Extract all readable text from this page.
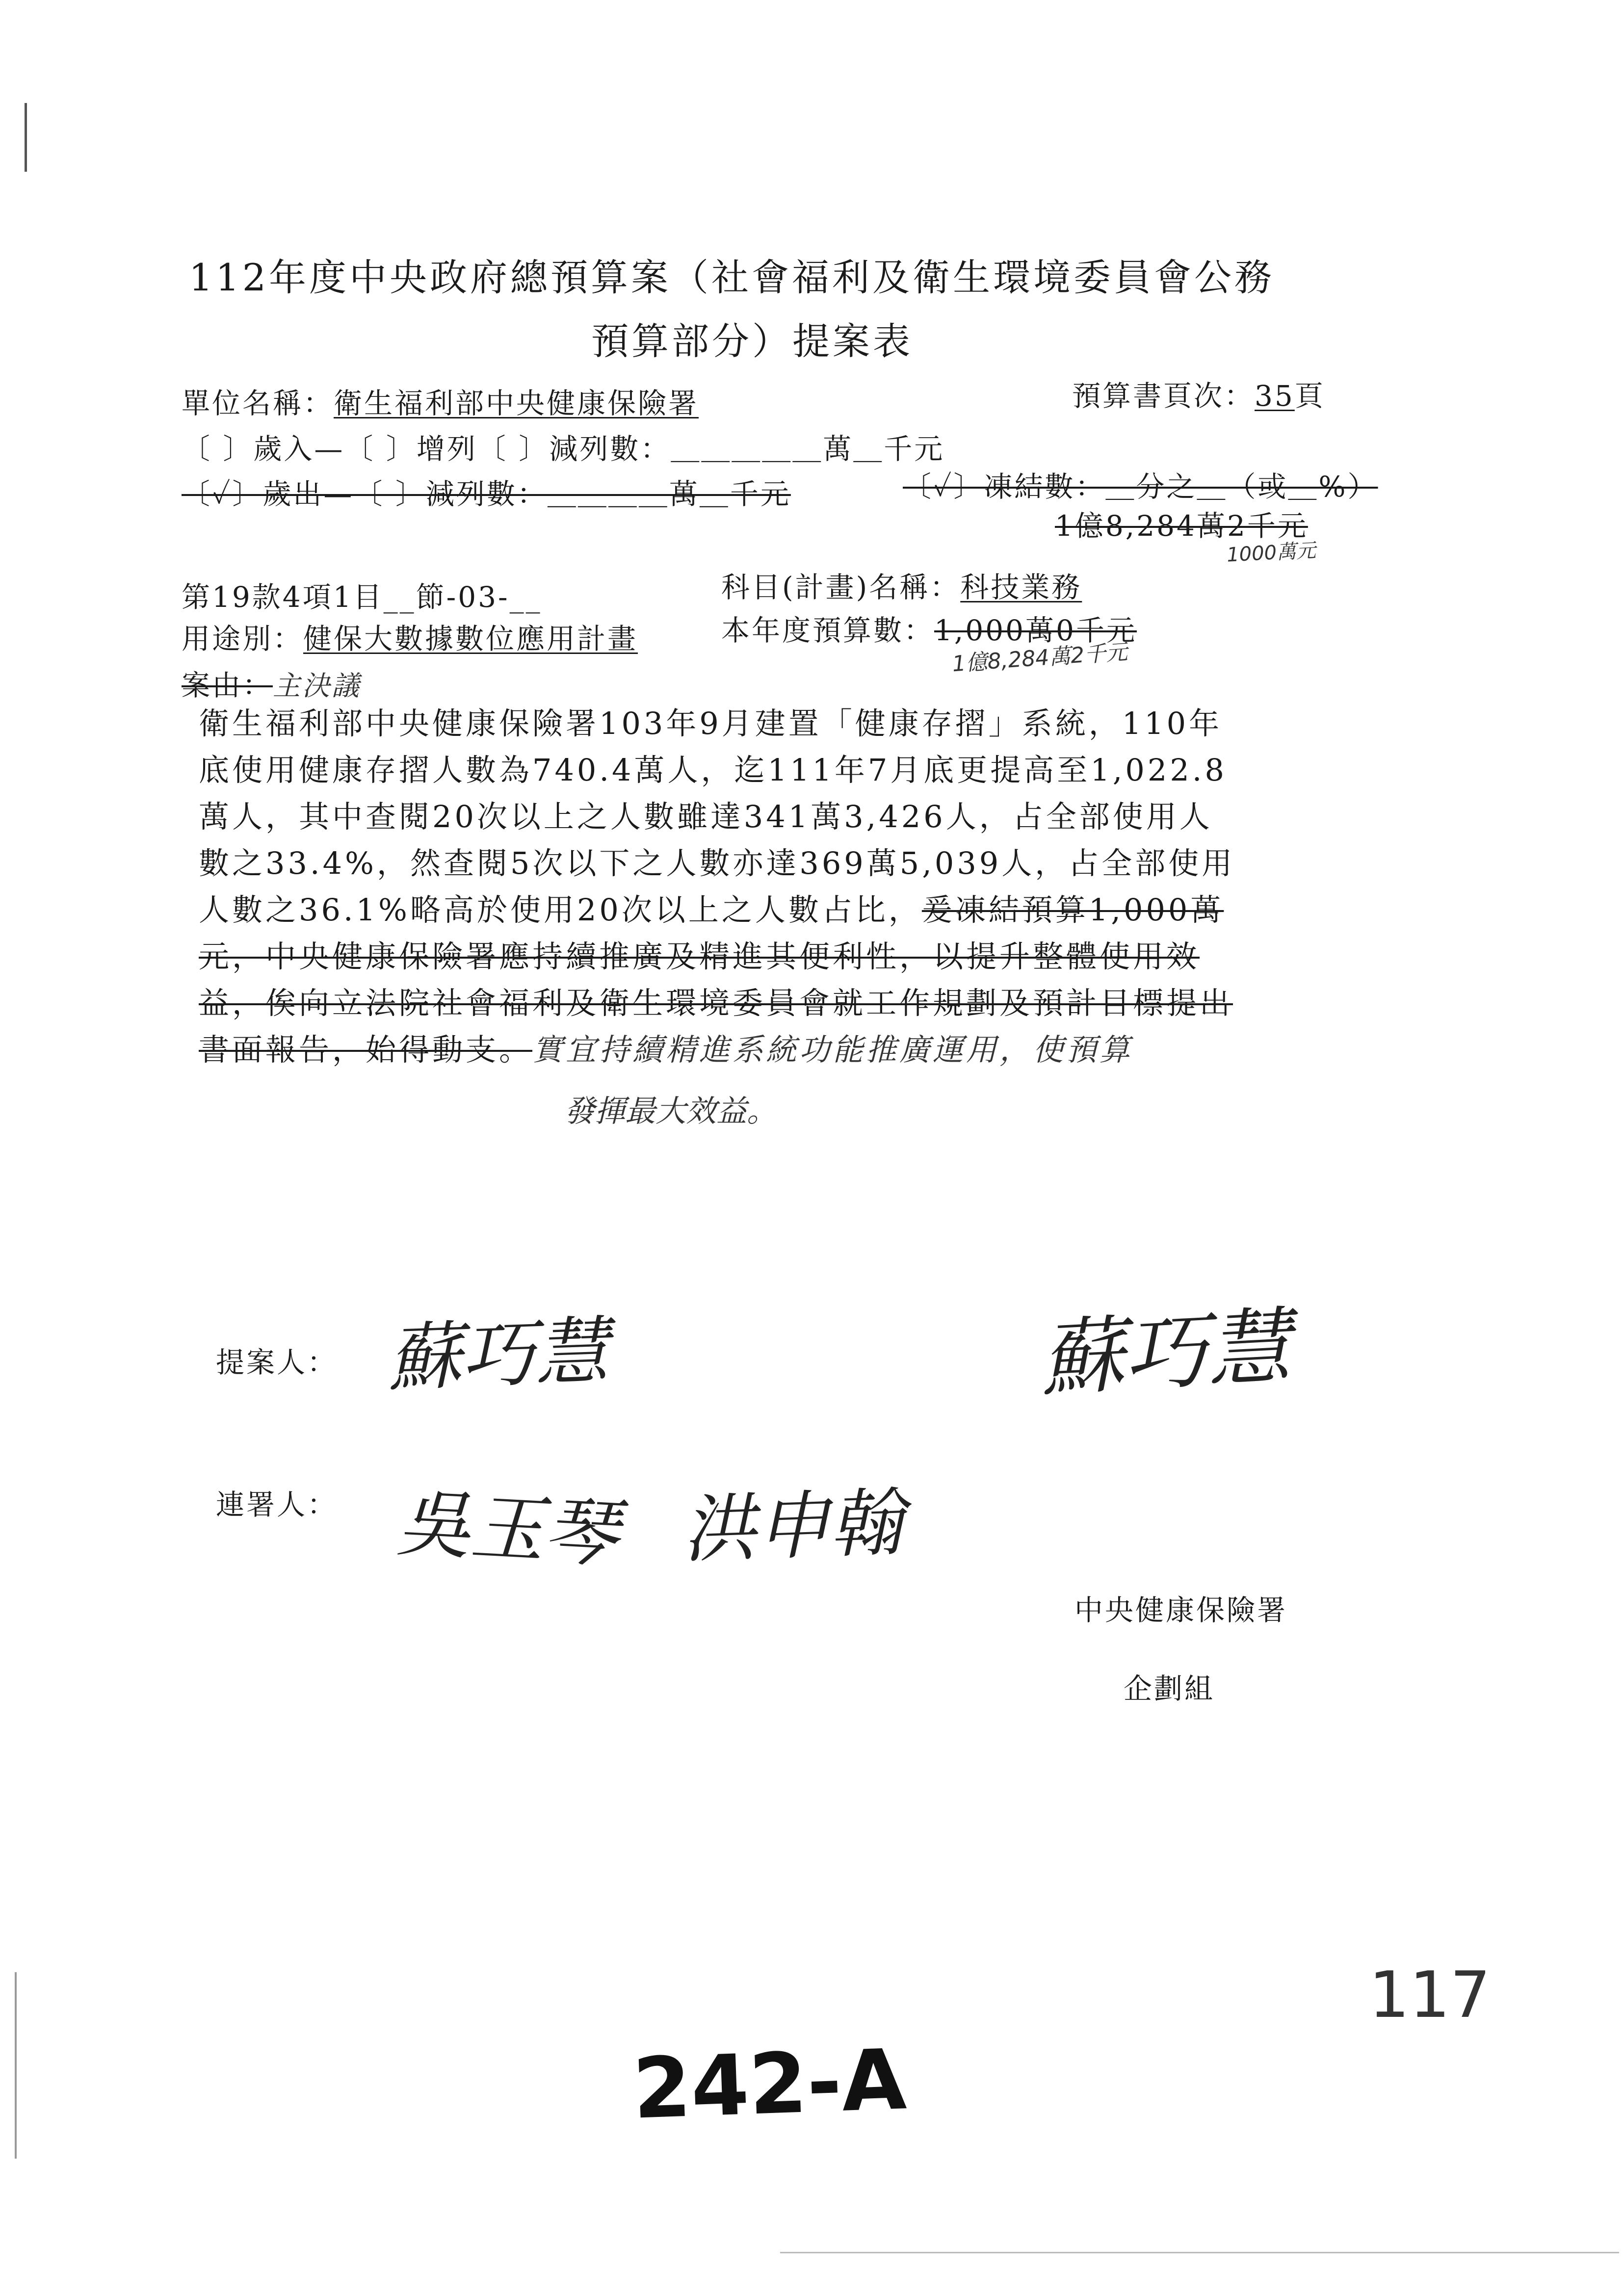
112年度中央政府總預算案（社會福利及衛生環境委員會公務
預算部分）提案表
單位名稱：衛生福利部中央健康保險署	預算書頁次：35頁
〔 〕歲入—〔 〕增列〔 〕減列數：＿＿＿＿＿萬＿千元
〔✓〕歲出—〔 〕減列數：＿＿＿＿萬＿千元	〔✓〕凍結數：＿分之＿（或＿%）
1億8,284萬2千元
1000萬元
第19款4項1目__節-03-__	科目(計畫)名稱：科技業務
用途別：健保大數據數位應用計畫	本年度預算數：1,000萬0千元
1億8,284萬2千元
案由：主決議
衛生福利部中央健康保險署103年9月建置「健康存摺」系統，110年
底使用健康存摺人數為740.4萬人，迄111年7月底更提高至1,022.8
萬人，其中查閱20次以上之人數雖達341萬3,426人，占全部使用人
數之33.4%，然查閱5次以下之人數亦達369萬5,039人，占全部使用
人數之36.1%略高於使用20次以上之人數占比，爰凍結預算1,000萬
元，中央健康保險署應持續推廣及精進其便利性，以提升整體使用效
益，俟向立法院社會福利及衛生環境委員會就工作規劃及預計目標提出
書面報告，始得動支。實宜持續精進系統功能推廣運用，使預算
發揮最大效益。
提案人： 蘇巧慧	蘇巧慧
連署人： 吳玉琴 洪申翰
中央健康保險署
企劃組
117
242-A
